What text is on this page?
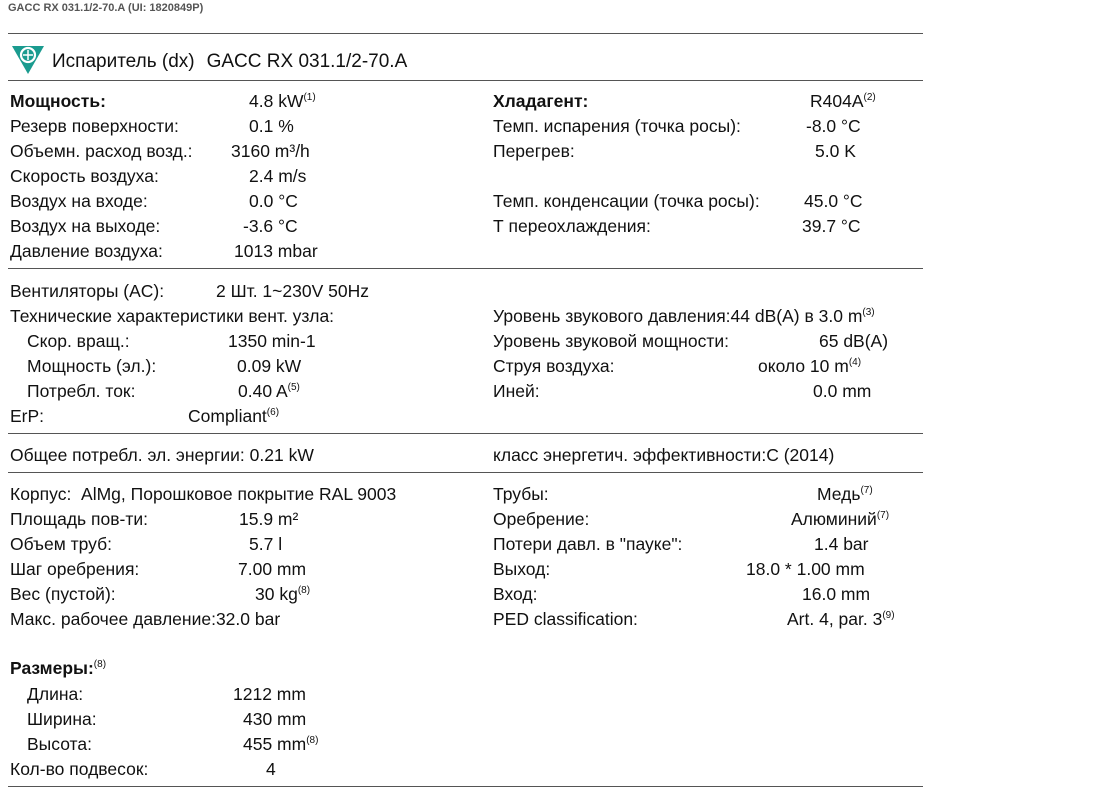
GACC RX 031.1/2-70.A (UI: 1820849P)
Испаритель (dx) GACC RX 031.1/2-70.A
Мощность:	4.8 $kW^{(1)}$
Резерв поверхности:	0.1 %
Объемн. расход возд.: 3160 m³/h
Скорость воздуха:	2.4 m/s
Воздух на входе:	0.0 °C
Воздух на выходе:	-3.6 °C
Давление воздуха:	1013 mbar
Хладагент:	$R404A^{(2)}$
Темп. испарения (точка росы):	-8.0 °C
Перегрев:	5.0 K
Темп. конденсации (точка росы):	45.0 °C
Т переохлаждения:	39.7 °C
Вентиляторы (AC):	2 Шт. 1~230V 50Hz
Технические характеристики вент. узла:
Скор. вращ.:	1350 min-1
Мощность (эл.):	0.09 kW
Потребл. ток:	0.40 $A^{(5)}$
ErP:	Compliant$^{(6)}$
Уровень звукового давления:44 dB(A) в 3.0 $m^{(3)}$
Уровень звуковой мощности:	65 dB(A)
Струя воздуха:	около 10 $m^{(4)}$
Иней:	0.0 mm
Общее потребл. эл. энергии: 0.21 kW	класс энергетич. эффективности:C (2014)
Корпус: AlMg, Порошковое покрытие RAL 9003
Площадь пов-ти:	15.9 m²
Объем труб:	5.7 l
Шаг оребрения:	7.00 mm
Вес (пустой):	30 $kg^{(8)}$
Макс. рабочее давление:32.0 bar
Трубы:	Медь$^{(7)}$
Оребрение:	Алюминий$^{(7)}$
Потери давл. в "пауке":	1.4 bar
Выход:	18.0 * 1.00 mm
Вход:	16.0 mm
PED classification:	Art. 4, par. 3$^{(9)}$
Размеры:$^{(8)}$
Длина:	1212 mm
Ширина:	430 mm
Высота:	455 $mm^{(8)}$
Кол-во подвесок:	4
